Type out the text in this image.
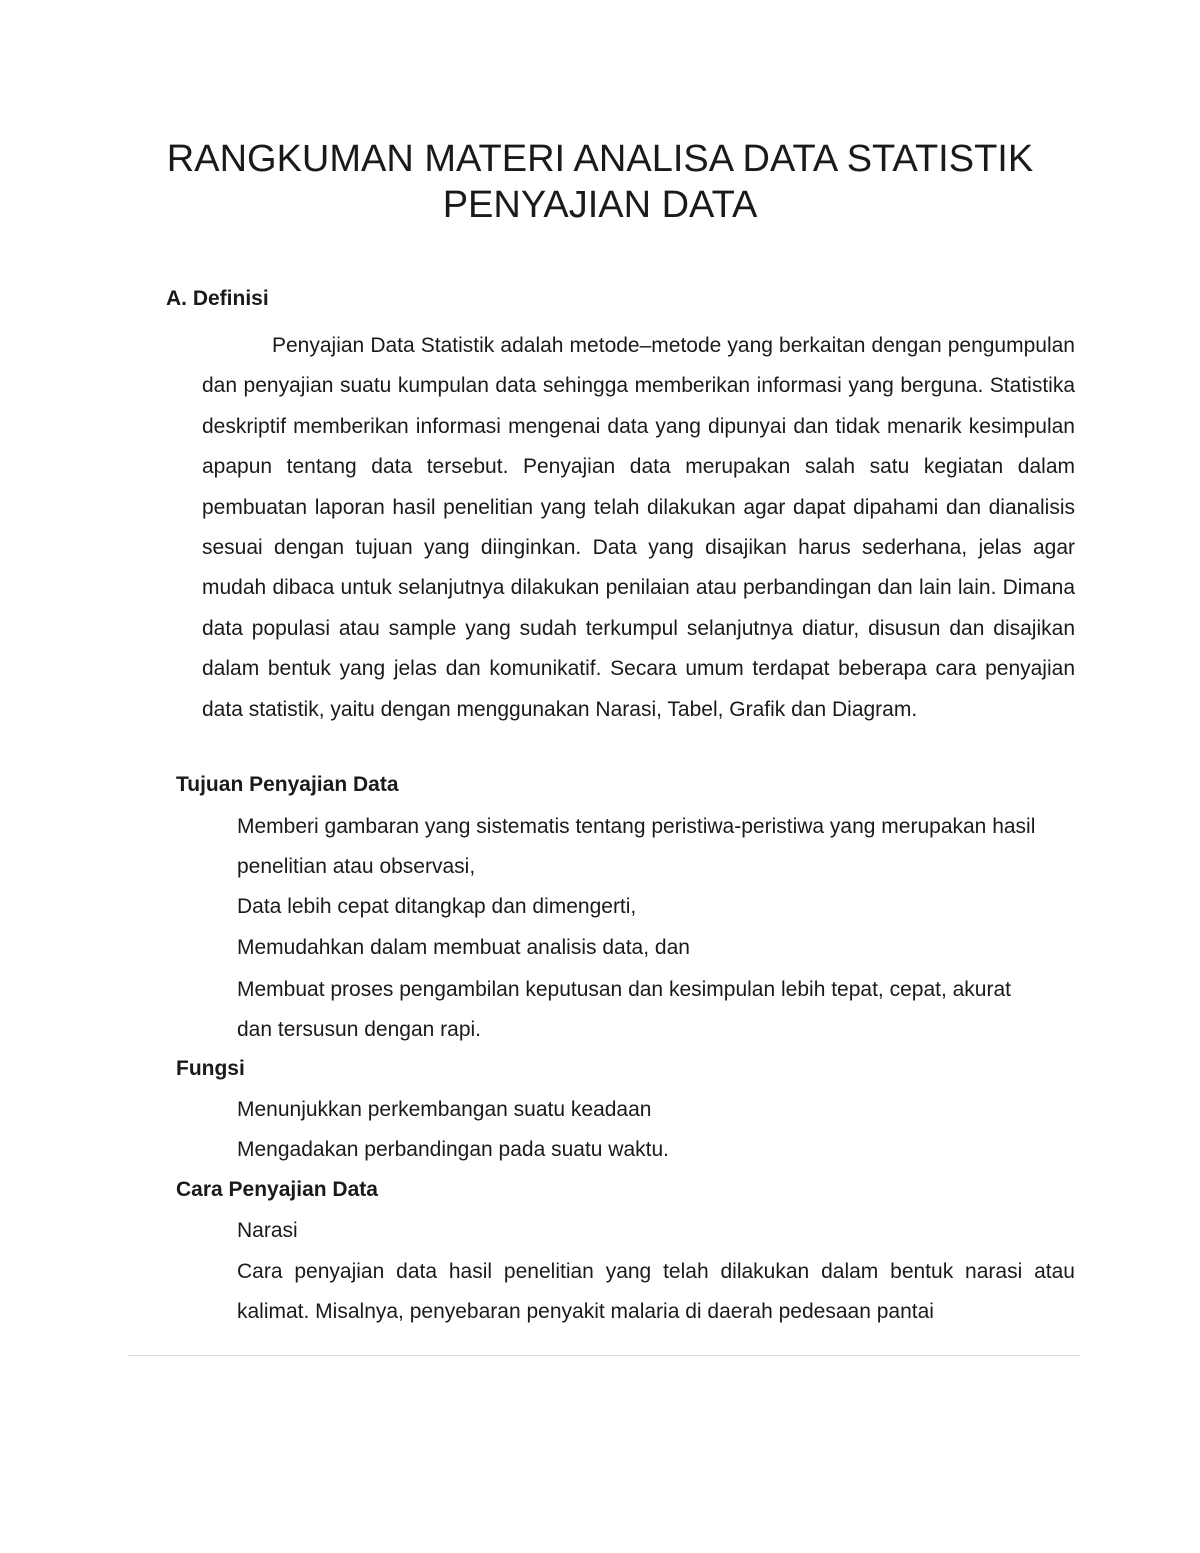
RANGKUMAN MATERI ANALISA DATA STATISTIK
PENYAJIAN DATA
A. Definisi

Penyajian Data Statistik adalah metode–metode yang berkaitan dengan pengumpulan dan penyajian suatu kumpulan data sehingga memberikan informasi yang berguna. Statistika deskriptif memberikan informasi mengenai data yang dipunyai dan tidak menarik kesimpulan apapun tentang data tersebut. Penyajian data merupakan salah satu kegiatan dalam pembuatan laporan hasil penelitian yang telah dilakukan agar dapat dipahami dan dianalisis sesuai dengan tujuan yang diinginkan. Data yang disajikan harus sederhana, jelas agar mudah dibaca untuk selanjutnya dilakukan penilaian atau perbandingan dan lain lain. Dimana data populasi atau sample yang sudah terkumpul selanjutnya diatur, disusun dan disajikan dalam bentuk yang jelas dan komunikatif. Secara umum terdapat beberapa cara penyajian data statistik, yaitu dengan menggunakan Narasi, Tabel, Grafik dan Diagram.

Tujuan Penyajian Data

Memberi gambaran yang sistematis tentang peristiwa-peristiwa yang merupakan hasil penelitian atau observasi,

Data lebih cepat ditangkap dan dimengerti,

Memudahkan dalam membuat analisis data, dan

Membuat proses pengambilan keputusan dan kesimpulan lebih tepat, cepat, akurat dan tersusun dengan rapi.

Fungsi

Menunjukkan perkembangan suatu keadaan

Mengadakan perbandingan pada suatu waktu.

Cara Penyajian Data

Narasi

Cara penyajian data hasil penelitian yang telah dilakukan dalam bentuk narasi atau kalimat. Misalnya, penyebaran penyakit malaria di daerah pedesaan pantai
